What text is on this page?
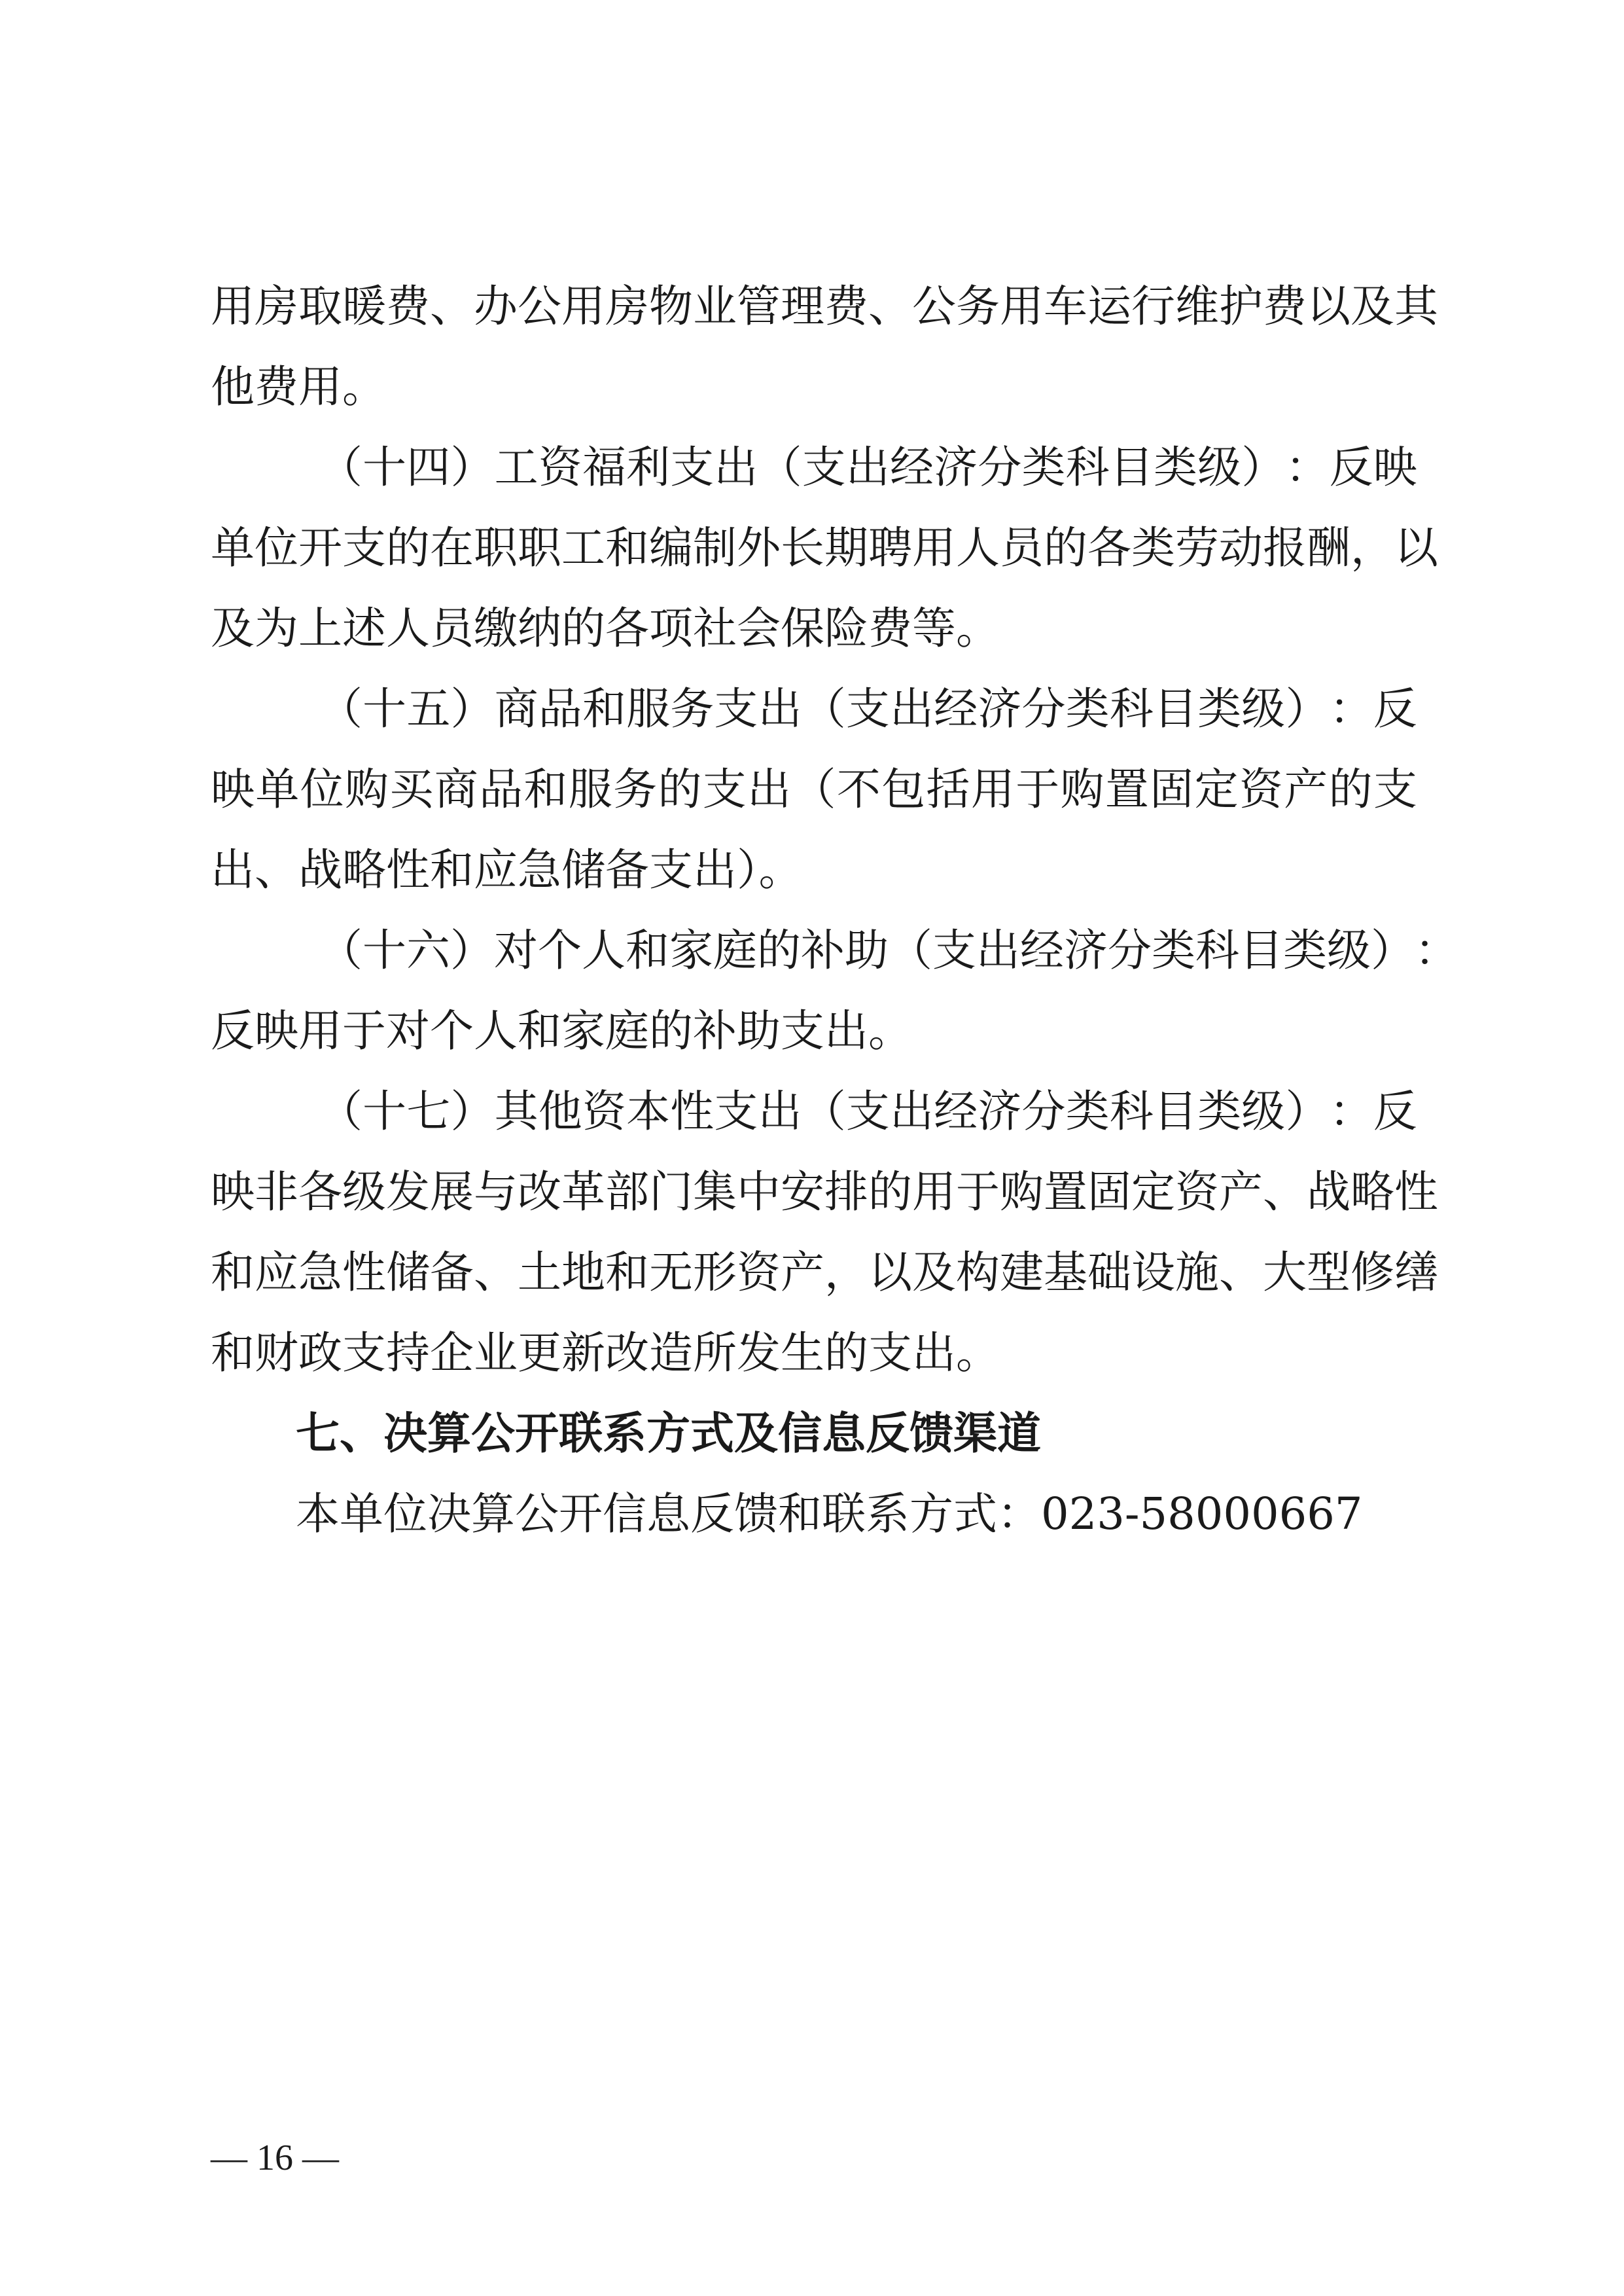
用 房 取 暖 费 、 办 公 用 房 物 业 管 理 费 、 公 务 用 车 运 行 维 护 费 以 及 其
他费用。
（ 十 四 ） 工 资 福 利 支 出 （ 支 出 经 济 分 类 科 目 类 级 ） ： 反 映
单 位 开 支 的 在 职 职 工 和 编 制 外 长 期 聘 用 人 员 的 各 类 劳 动 报 酬 ， 以
及为上述人员缴纳的各项社会保险费等。
（ 十 五 ） 商 品 和 服 务 支 出 （ 支 出 经 济 分 类 科 目 类 级 ） ： 反
映 单 位 购 买 商 品 和 服 务 的 支 出 （ 不 包 括 用 于 购 置 固 定 资 产 的 支
出、战略性和应急储备支出）。
（ 十 六 ） 对 个 人 和 家 庭 的 补 助 （ 支 出 经 济 分 类 科 目 类 级 ） ：
反映用于对个人和家庭的补助支出。
（ 十 七 ） 其 他 资 本 性 支 出 （ 支 出 经 济 分 类 科 目 类 级 ） ： 反
映 非 各 级 发 展 与 改 革 部 门 集 中 安 排 的 用 于 购 置 固 定 资 产 、 战 略 性
和 应 急 性 储 备 、 土 地 和 无 形 资 产 ， 以 及 构 建 基 础 设 施 、 大 型 修 缮
和财政支持企业更新改造所发生的支出。
七、决算公开联系方式及信息反馈渠道
本单位决算公开信息反馈和联系方式：023-58000667
— 16 —
